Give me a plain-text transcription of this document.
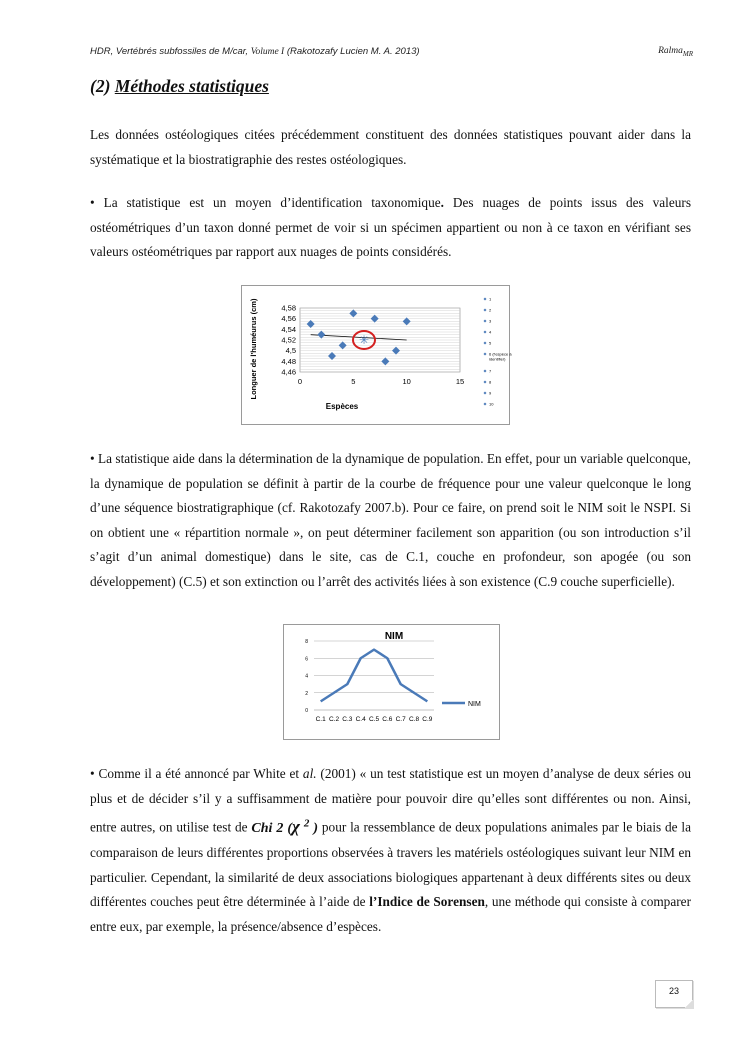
HDR, Vertébrés subfossiles de M/car, Volume I (Rakotozafy Lucien M. A. 2013)	Ralma$_{MR}$
(2) Méthodes statistiques
Les données ostéologiques citées précédemment constituent des données statistiques pouvant aider dans la systématique et la biostratigraphie des restes ostéologiques.
• La statistique est un moyen d’identification taxonomique. Des nuages de points issus des valeurs ostéométriques d’un taxon donné permet de voir si un spécimen appartient ou non à ce taxon en vérifiant ses valeurs ostéométriques par rapport aux nuages de points considérés.
4,46
4,48
4,5
4,52
4,54
4,56
4,58
0	5	10	15
Longuer de l'huméurus (cm)
Espèces
✳
1
2
3
4
5
6 (l'espèce à
identifier)
7
8
9
10
• La statistique aide dans la détermination de la dynamique de population. En effet, pour un variable quelconque, la dynamique de population se définit à partir de la courbe de fréquence pour une valeur quelconque le long d’une séquence biostratigraphique (cf. Rakotozafy 2007.b). Pour ce faire, on prend soit le NIM soit le NSPI. Si on obtient une « répartition normale », on peut déterminer facilement son apparition (ou son introduction s’il s’agit d’un animal domestique) dans le site, cas de C.1, couche en profondeur, son apogée (ou son développement) (C.5) et son extinction ou l’arrêt des activités liées à son existence (C.9 couche superficielle).
NIM
0
2
4
6
8
C.1 C.2 C.3 C.4 C.5 C.6 C.7 C.8 C.9
NIM
• Comme il a été annoncé par White et al. (2001) « un test statistique est un moyen d’analyse de deux séries ou plus et de décider s’il y a suffisamment de matière pour pouvoir dire qu’elles sont différentes ou non. Ainsi, entre autres, on utilise test de Chi 2 (χ $^2$ ) pour la ressemblance de deux populations animales par le biais de la comparaison de leurs différentes proportions observées à travers les matériels ostéologiques suivant leur NIM en particulier. Cependant, la similarité de deux associations biologiques appartenant à deux différents sites ou deux différentes couches peut être déterminée à l’aide de l’Indice de Sorensen, une méthode qui consiste à comparer entre eux, par exemple, la présence/absence d’espèces.
23
